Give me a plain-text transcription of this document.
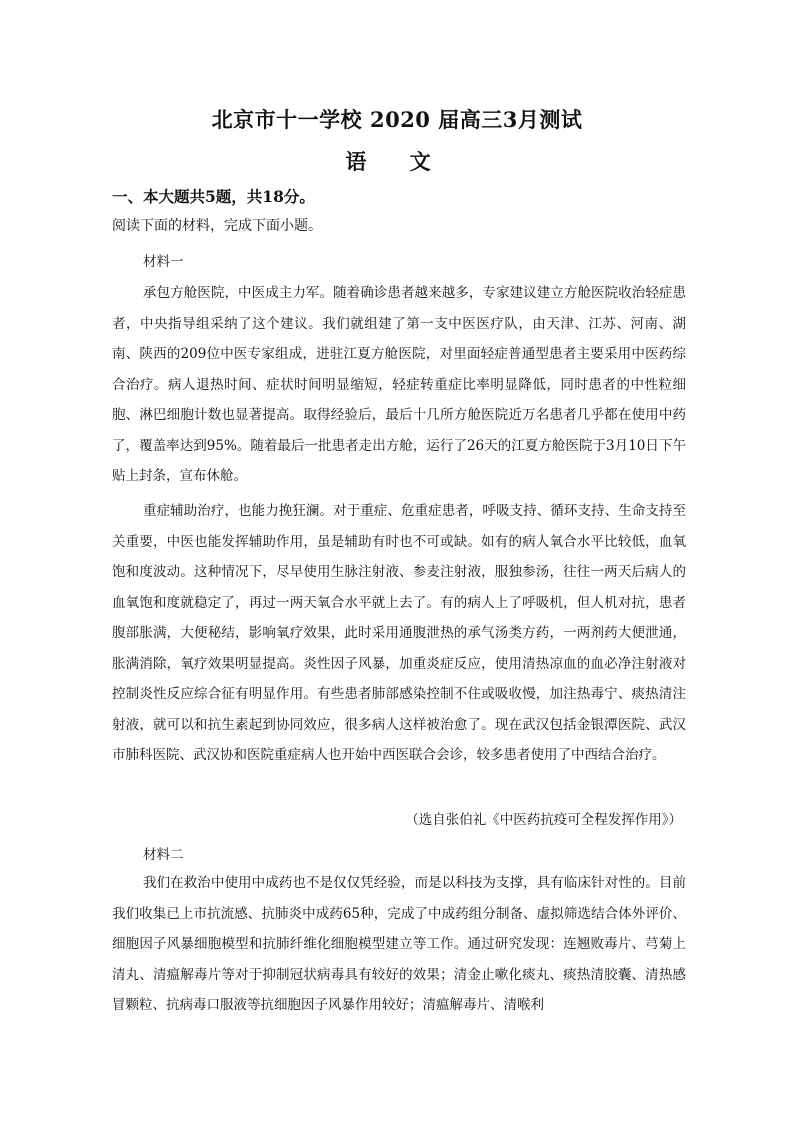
北京市十一学校 2020 届高三3月测试
语 文
一、本大题共5题，共18分。
阅读下面的材料，完成下面小题。
材料一

承包方舱医院，中医成主力军。随着确诊患者越来越多，专家建议建立方舱医院收治轻症患者，中央指导组采纳了这个建议。我们就组建了第一支中医医疗队，由天津、江苏、河南、湖南、陕西的209位中医专家组成，进驻江夏方舱医院，对里面轻症普通型患者主要采用中医药综合治疗。病人退热时间、症状时间明显缩短，轻症转重症比率明显降低，同时患者的中性粒细胞、淋巴细胞计数也显著提高。取得经验后，最后十几所方舱医院近万名患者几乎都在使用中药了，覆盖率达到95%。随着最后一批患者走出方舱，运行了26天的江夏方舱医院于3月10日下午贴上封条，宣布休舱。

重症辅助治疗，也能力挽狂澜。对于重症、危重症患者，呼吸支持、循环支持、生命支持至关重要，中医也能发挥辅助作用，虽是辅助有时也不可或缺。如有的病人氧合水平比较低，血氧饱和度波动。这种情况下，尽早使用生脉注射液、参麦注射液，服独参汤，往往一两天后病人的血氧饱和度就稳定了，再过一两天氧合水平就上去了。有的病人上了呼吸机，但人机对抗，患者腹部胀满，大便秘结，影响氧疗效果，此时采用通腹泄热的承气汤类方药，一两剂药大便泄通，胀满消除，氧疗效果明显提高。炎性因子风暴，加重炎症反应，使用清热凉血的血必净注射液对控制炎性反应综合征有明显作用。有些患者肺部感染控制不住或吸收慢，加注热毒宁、痰热清注射液，就可以和抗生素起到协同效应，很多病人这样被治愈了。现在武汉包括金银潭医院、武汉市肺科医院、武汉协和医院重症病人也开始中西医联合会诊，较多患者使用了中西结合治疗。

（选自张伯礼《中医药抗疫可全程发挥作用》）
材料二

我们在救治中使用中成药也不是仅仅凭经验，而是以科技为支撑，具有临床针对性的。目前我们收集已上市抗流感、抗肺炎中成药65种，完成了中成药组分制备、虚拟筛选结合体外评价、细胞因子风暴细胞模型和抗肺纤维化细胞模型建立等工作。通过研究发现：连翘败毒片、芎菊上清丸、清瘟解毒片等对于抑制冠状病毒具有较好的效果；清金止嗽化痰丸、痰热清胶囊、清热感冒颗粒、抗病毒口服液等抗细胞因子风暴作用较好；清瘟解毒片、清喉利
